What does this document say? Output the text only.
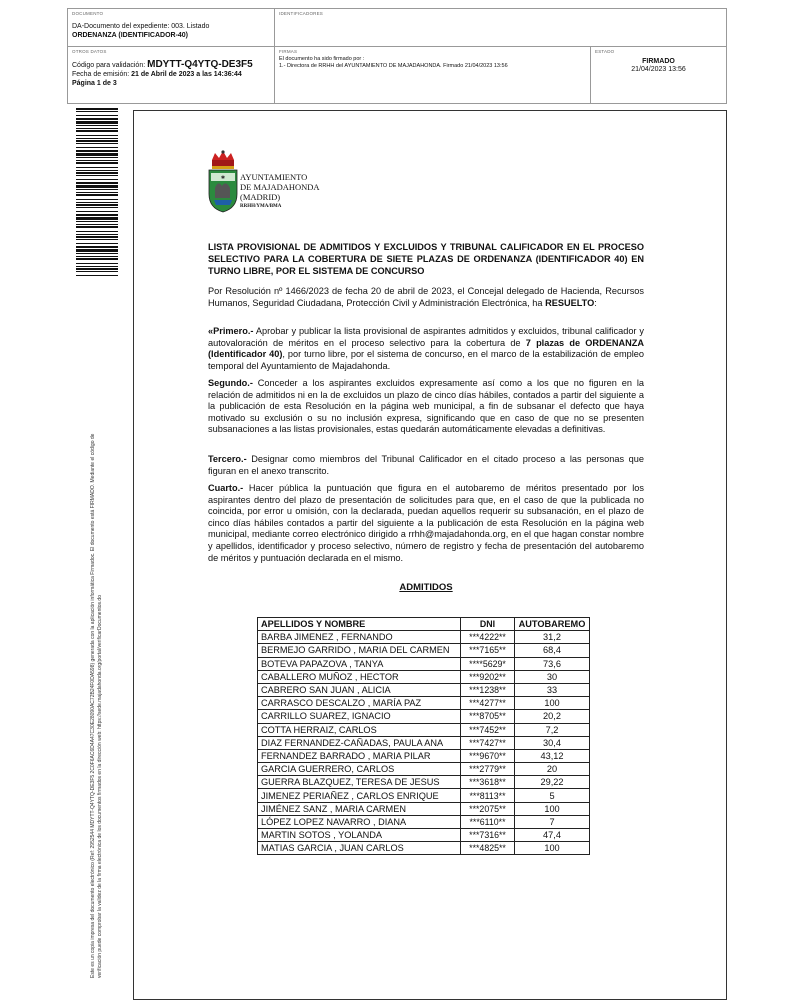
DOCUMENTO
DA-Documento del expediente: 003. Listado
ORDENANZA (IDENTIFICADOR-40)
IDENTIFICADORES
OTROS DATOS
Código para validación: MDYTT-Q4YTQ-DE3F5
Fecha de emisión: 21 de Abril de 2023 a las 14:36:44
Página 1 de 3
FIRMAS
El documento ha sido firmado por :
1.- Directora de RRHH del AYUNTAMIENTO DE MAJADAHONDA. Firmado 21/04/2023 13:56
ESTADO
FIRMADO
21/04/2023 13:56
Este es un copia impresa del documento electrónico (Ref: 2952544 MDYTT-Q4YTQ-DE3F5 2C0F6AC6D4A47C30E28090AC72B24F0DA598) generada con la aplicación informática Firmadoc. El documento está FIRMADO. Mediante el código de verificación puede comprobar la validez de la firma electrónica de los documentos firmados en la dirección web: https://sede.majadahonda.org/portal/verificarDocumentos.do
✱ AYUNTAMIENTO
DE MAJADAHONDA
(MADRID)
RRHH/YMA/BMA

LISTA PROVISIONAL DE ADMITIDOS Y EXCLUIDOS Y TRIBUNAL CALIFICADOR EN EL PROCESO SELECTIVO PARA LA COBERTURA DE SIETE PLAZAS DE ORDENANZA (IDENTIFICADOR 40) EN TURNO LIBRE, POR EL SISTEMA DE CONCURSO

Por Resolución nº 1466/2023 de fecha 20 de abril de 2023, el Concejal delegado de Hacienda, Recursos Humanos, Seguridad Ciudadana, Protección Civil y Administración Electrónica, ha RESUELTO:

«Primero.- Aprobar y publicar la lista provisional de aspirantes admitidos y excluidos, tribunal calificador y autovaloración de méritos en el proceso selectivo para la cobertura de 7 plazas de ORDENANZA (Identificador 40), por turno libre, por el sistema de concurso, en el marco de la estabilización de empleo temporal del Ayuntamiento de Majadahonda.

Segundo.- Conceder a los aspirantes excluidos expresamente así como a los que no figuren en la relación de admitidos ni en la de excluidos un plazo de cinco días hábiles, contados a partir del siguiente a la publicación de esta Resolución en la página web municipal, a fin de subsanar el defecto que haya motivado su exclusión o su no inclusión expresa, significando que en caso de que no se presenten subsanaciones a las listas provisionales, estas quedarán automáticamente elevadas a definitivas.

Tercero.- Designar como miembros del Tribunal Calificador en el citado proceso a las personas que figuran en el anexo transcrito.

Cuarto.- Hacer pública la puntuación que figura en el autobaremo de méritos presentado por los aspirantes dentro del plazo de presentación de solicitudes para que, en el caso de que la publicada no coincida, por error u omisión, con la declarada, puedan aquellos requerir su subsanación, en el plazo de cinco días hábiles contados a partir del siguiente a la publicación de esta Resolución en la página web municipal, mediante correo electrónico dirigido a rrhh@majadahonda.org, en el que hagan constar nombre y apellidos, identificador y proceso selectivo, número de registro y fecha de presentación del autobaremo de méritos y puntuación declarada en el mismo.

ADMITIDOS
APELLIDOS Y NOMBRE	DNI	AUTOBAREMO
BARBA JIMENEZ , FERNANDO	***4222**	31,2
BERMEJO GARRIDO , MARIA DEL CARMEN	***7165**	68,4
BOTEVA PAPAZOVA , TANYA	****5629*	73,6
CABALLERO MUÑOZ , HECTOR	***9202**	30
CABRERO SAN JUAN , ALICIA	***1238**	33
CARRASCO DESCALZO , MARÍA PAZ	***4277**	100
CARRILLO SUAREZ, IGNACIO	***8705**	20,2
COTTA HERRAIZ, CARLOS	***7452**	7,2
DIAZ FERNANDEZ-CAÑADAS, PAULA ANA	***7427**	30,4
FERNANDEZ BARRADO , MARIA PILAR	***9670**	43,12
GARCIA GUERRERO, CARLOS	***2779**	20
GUERRA BLAZQUEZ, TERESA DE JESUS	***3618**	29,22
JIMENEZ PERIAÑEZ , CARLOS ENRIQUE	***8113**	5
JIMÉNEZ SANZ , MARIA CARMEN	***2075**	100
LÓPEZ LOPEZ NAVARRO , DIANA	***6110**	7
MARTIN SOTOS , YOLANDA	***7316**	47,4
MATIAS GARCIA , JUAN CARLOS	***4825**	100
